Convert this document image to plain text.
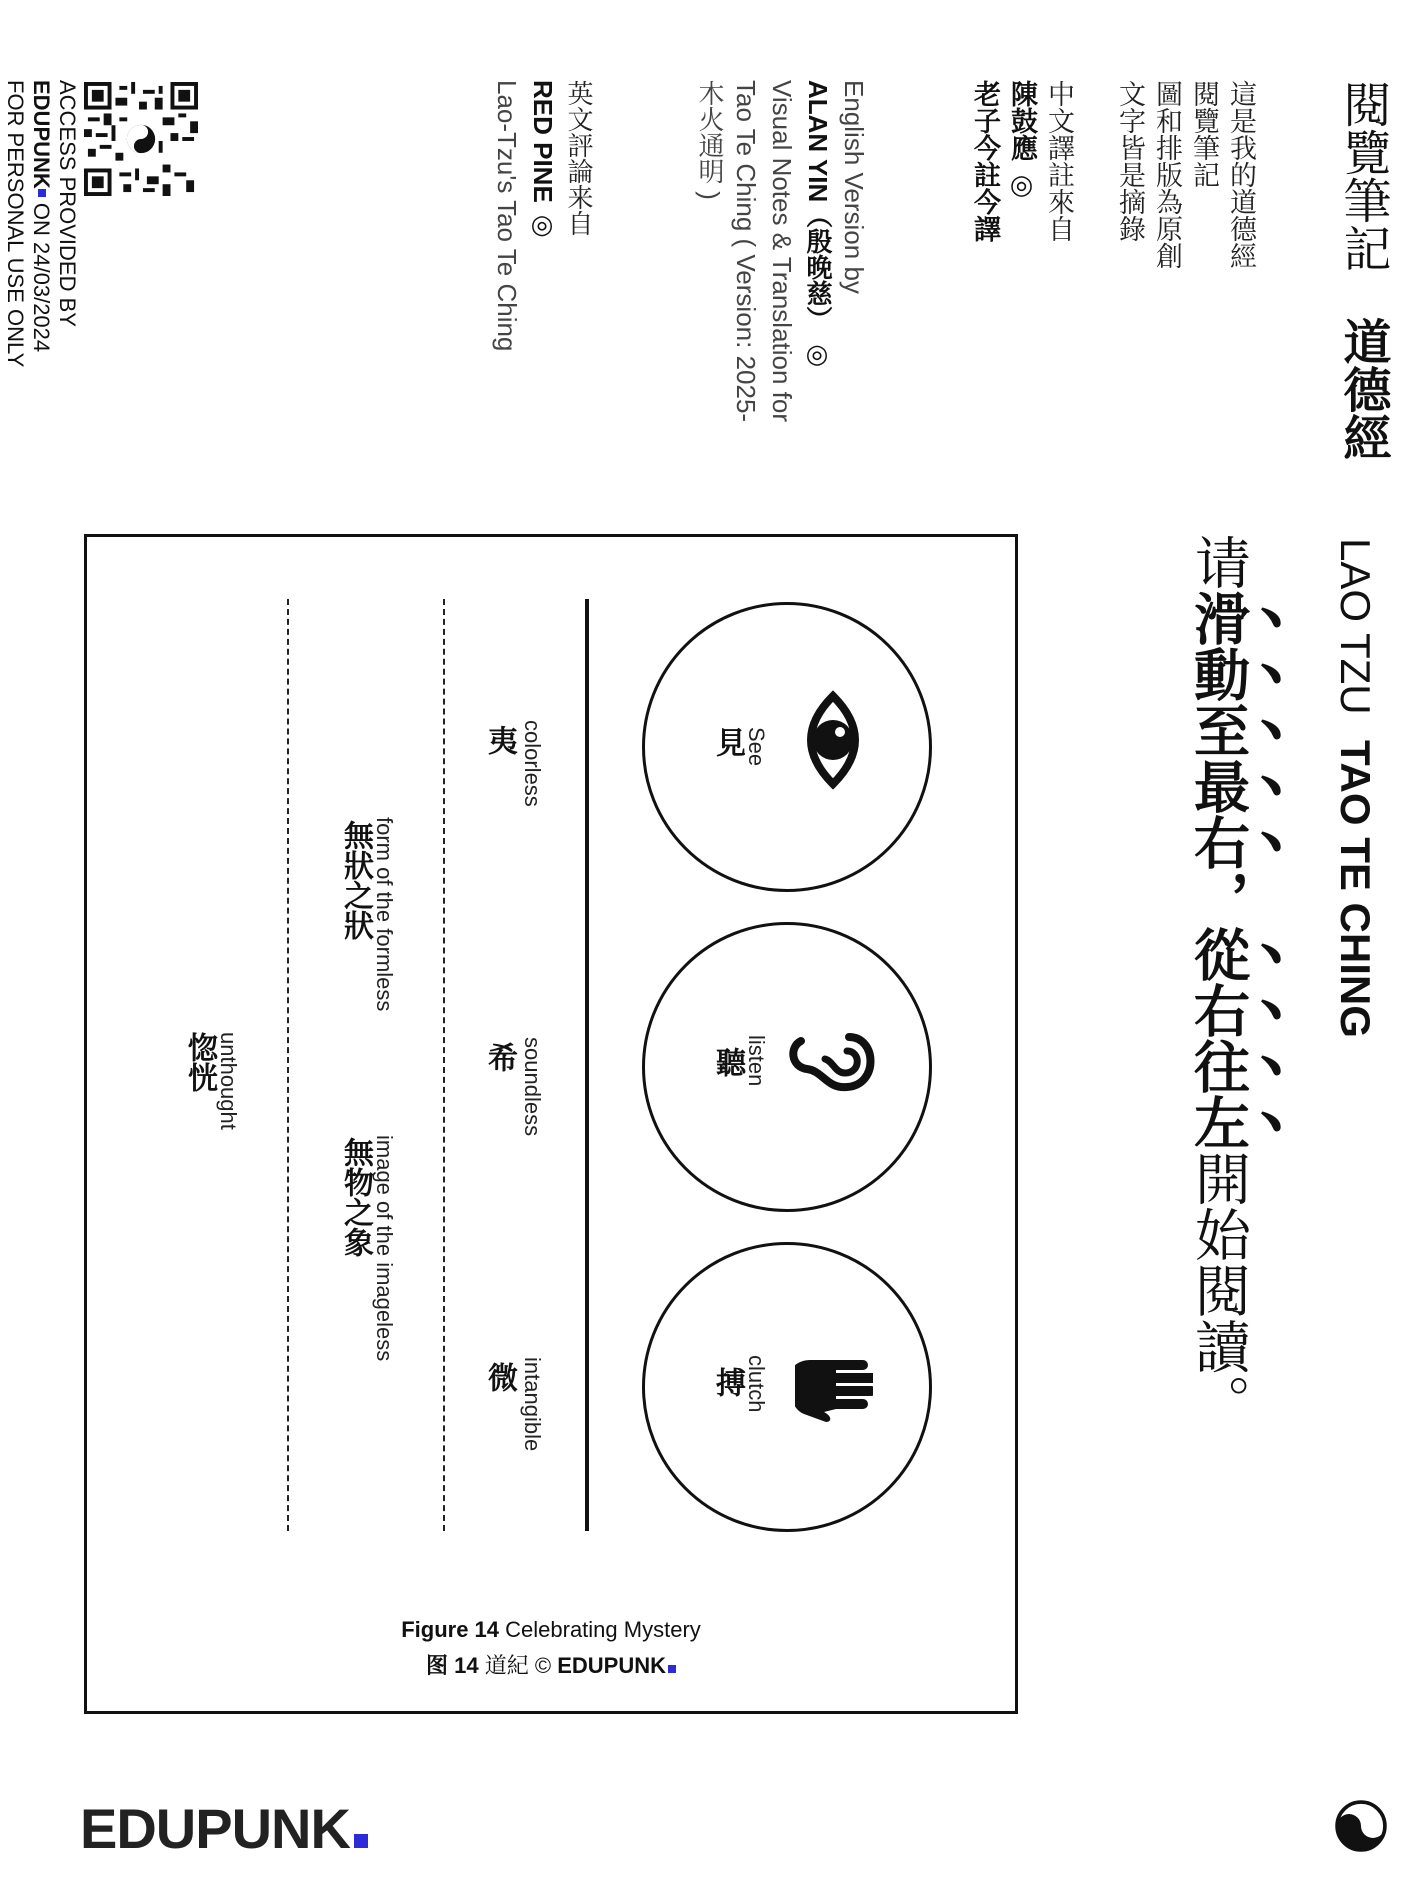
閱覽筆記 道德經
LAO TZU TAO TE CHING
這是我的道德經
閱覽筆記
圖和排版為原創
文字皆是摘錄
中文譯註來自
陳鼓應 ◎
老子今註今譯
English Version by
ALAN YIN（殷晚慈） ◎
Visual Notes & Translation for
Tao Te Ching ( Version: 2025-
木火通明 )
英文評論来自
RED PINE ◎
Lao-Tzu's Tao Te Ching
ACCESS PROVIDED BY
EDUPUNK ON 24/03/2024
FOR PERSONAL USE ONLY
请滑動至最右，從右往左開始閱讀。
See
見
listen
聽
clutch
搏
colorless
夷
soundless
希
intangible
微
form of the formless
無狀之狀
image of the imageless
無物之象
unthought
惚恍
Figure 14 Celebrating Mystery
图 14 道紀 © EDUPUNK
EDUPUNK
